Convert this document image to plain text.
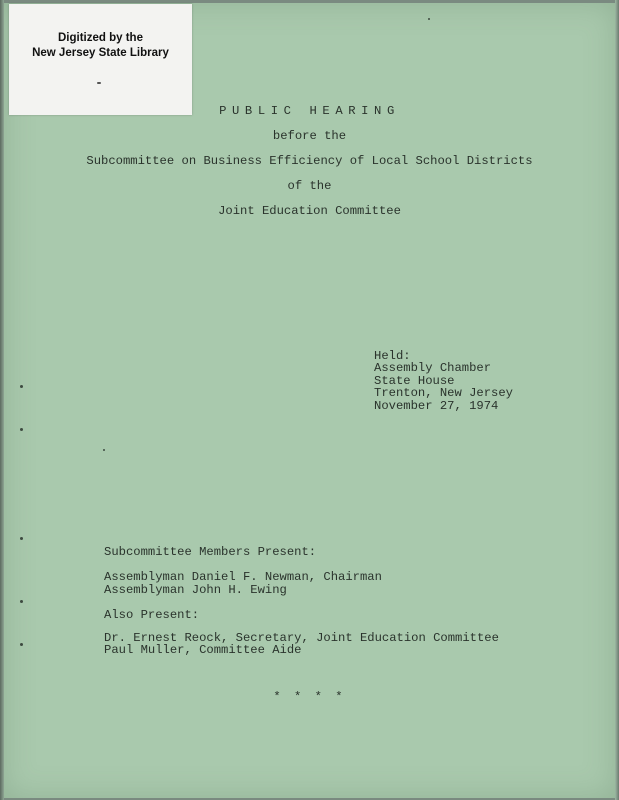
Digitized by the
New Jersey State Library
PUBLIC HEARING
before the
Subcommittee on Business Efficiency of Local School Districts
of the
Joint Education Committee
Held:
Assembly Chamber
State House
Trenton, New Jersey
November 27, 1974
Subcommittee Members Present:
Assemblyman Daniel F. Newman, Chairman
Assemblyman John H. Ewing
Also Present:
Dr. Ernest Reock, Secretary, Joint Education Committee
Paul Muller, Committee Aide
* * * *
